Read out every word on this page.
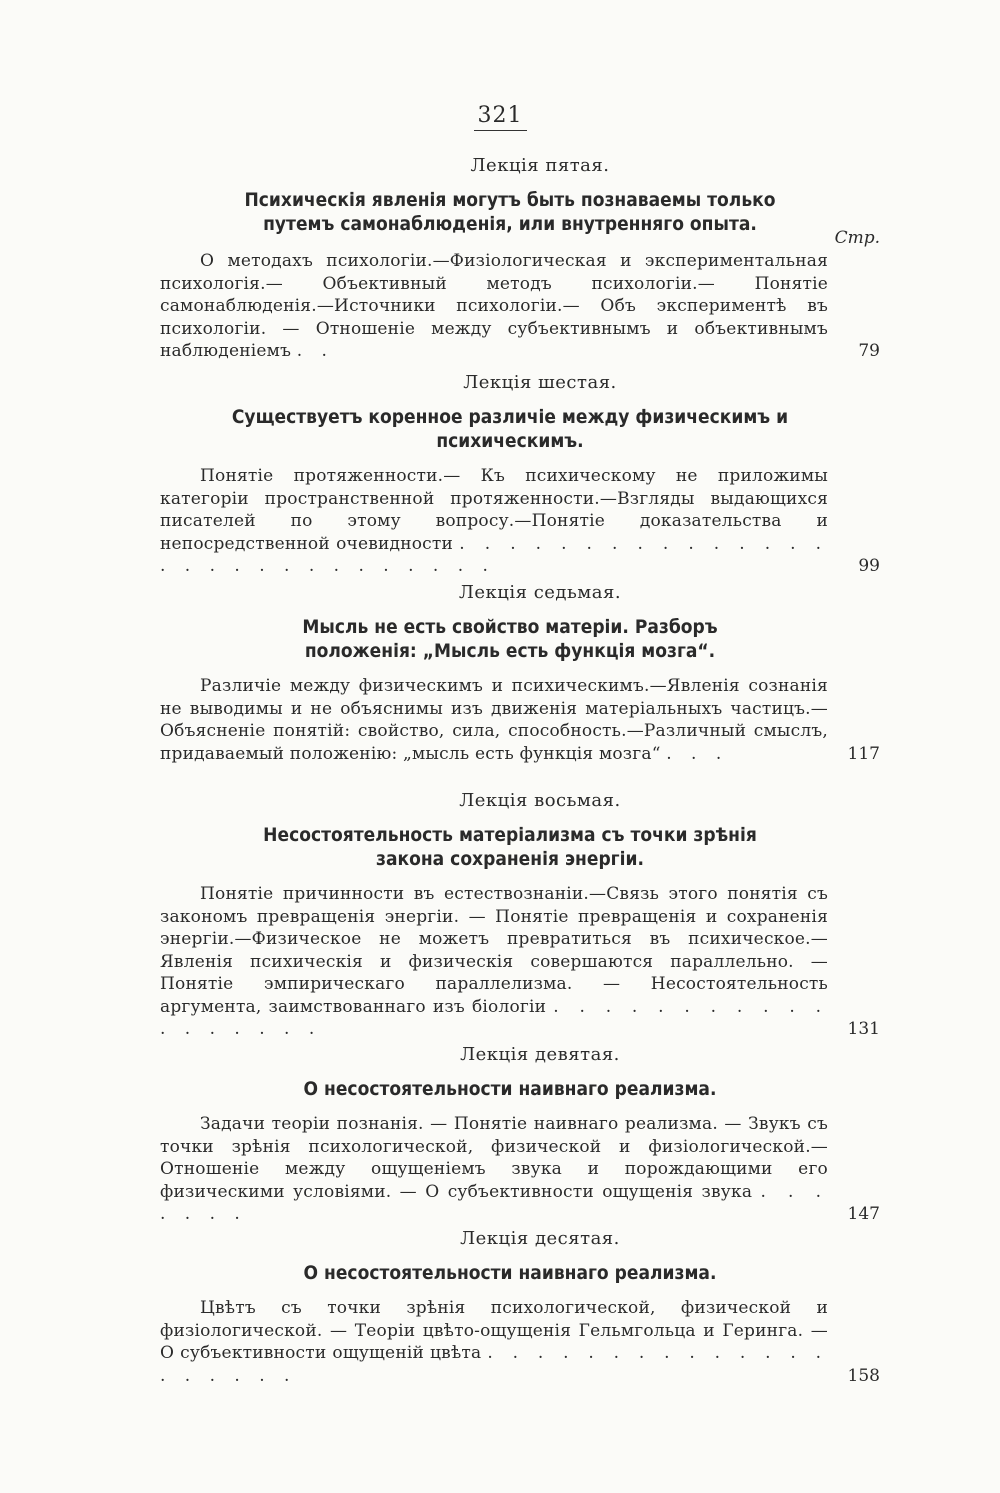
321
Лекція пятая.
Психическія явленія могутъ быть познаваемы только путемъ самонаблюденія, или внутренняго опыта.
Стр.
О методахъ психологіи.—Физіологическая и экспериментальная психологія.— Объективный методъ психологіи.— Понятіе самонаблюденія.—Источники психологіи.— Объ экспериментѣ въ психологіи. — Отношеніе между субъективнымъ и объективнымъ наблюденіемъ . .	79
Лекція шестая.
Существуетъ коренное различіе между физическимъ и психическимъ.
Понятіе протяженности.— Къ психическому не приложимы категоріи пространственной протяженности.—Взгляды выдающихся писателей по этому вопросу.—Понятіе доказательства и непосредственной очевидности . . . . . . . . . . . . . . . . . . . . . . . . . . . . .	99
Лекція седьмая.
Мысль не есть свойство матеріи. Разборъ положенія: „Мысль есть функція мозга“.
Различіе между физическимъ и психическимъ.—Явленія сознанія не выводимы и не объяснимы изъ движенія матеріальныхъ частицъ.—Объясненіе понятій: свойство, сила, способность.—Различный смыслъ, придаваемый положенію: „мысль есть функція мозга“ . . .	117
Лекція восьмая.
Несостоятельность матеріализма съ точки зрѣнія закона сохраненія энергіи.
Понятіе причинности въ естествознаніи.—Связь этого понятія съ закономъ превращенія энергіи. — Понятіе превращенія и сохраненія энергіи.—Физическое не можетъ превратиться въ психическое.— Явленія психическія и физическія совершаются параллельно. — Понятіе эмпирическаго параллелизма. — Несостоятельность аргумента, заимствованнаго изъ біологіи . . . . . . . . . . . . . . . . . .	131
Лекція девятая.
О несостоятельности наивнаго реализма.
Задачи теоріи познанія. — Понятіе наивнаго реализма. — Звукъ съ точки зрѣнія психологической, физической и физіологической.— Отношеніе между ощущеніемъ звука и порождающими его физическими условіями. — О субъективности ощущенія звука . . . . . . .	147
Лекція десятая.
О несостоятельности наивнаго реализма.
Цвѣтъ съ точки зрѣнія психологической, физической и физіологической. — Теоріи цвѣто-ощущенія Гельмгольца и Геринга. — О субъективности ощущеній цвѣта . . . . . . . . . . . . . . . . . . . .	158
